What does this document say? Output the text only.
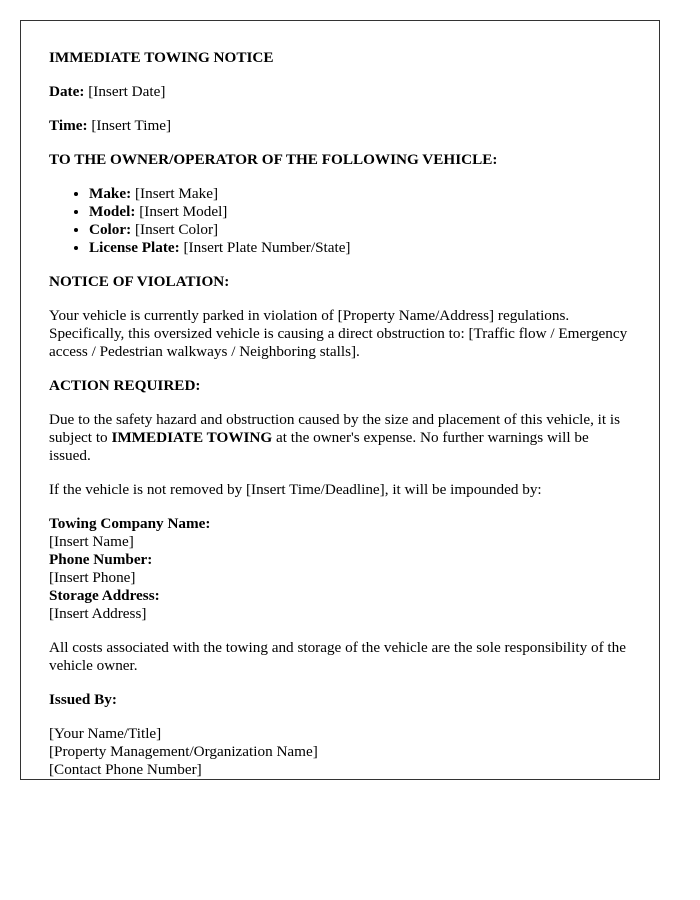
IMMEDIATE TOWING NOTICE

Date: [Insert Date]

Time: [Insert Time]

TO THE OWNER/OPERATOR OF THE FOLLOWING VEHICLE:
• Make: [Insert Make]
• Model: [Insert Model]
• Color: [Insert Color]
• License Plate: [Insert Plate Number/State]
NOTICE OF VIOLATION:

Your vehicle is currently parked in violation of [Property Name/Address] regulations. Specifically, this oversized vehicle is causing a direct obstruction to: [Traffic flow / Emergency access / Pedestrian walkways / Neighboring stalls].

ACTION REQUIRED:

Due to the safety hazard and obstruction caused by the size and placement of this vehicle, it is subject to IMMEDIATE TOWING at the owner's expense. No further warnings will be issued.

If the vehicle is not removed by [Insert Time/Deadline], it will be impounded by:

Towing Company Name:
[Insert Name]
Phone Number:
[Insert Phone]
Storage Address:
[Insert Address]

All costs associated with the towing and storage of the vehicle are the sole responsibility of the vehicle owner.

Issued By:

[Your Name/Title]
[Property Management/Organization Name]
[Contact Phone Number]
